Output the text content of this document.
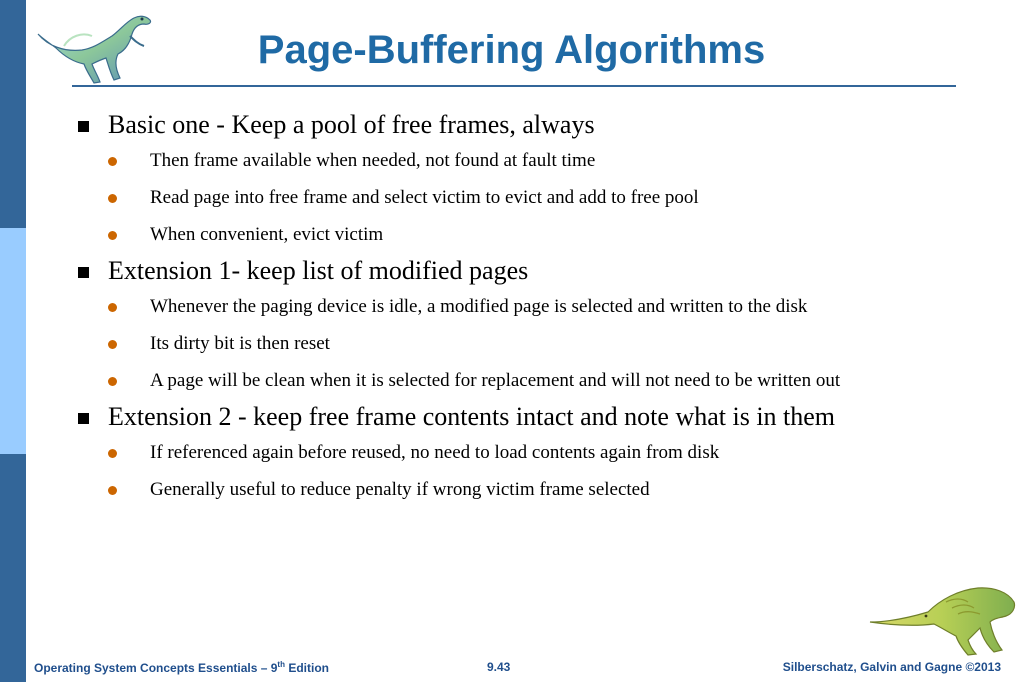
Page-Buffering Algorithms
Basic one - Keep a pool of free frames, always
Then frame available when needed, not found at fault time
Read page into free frame and select victim to evict and add to free pool
When convenient, evict victim
Extension 1- keep list of modified pages
Whenever the paging device is idle, a modified page is selected and written to the disk
Its dirty bit is then reset
A page will be clean when it is selected for replacement and will not need to be written out
Extension 2 - keep free frame contents intact and note what is in them
If referenced again before reused, no need to load contents again from disk
Generally useful to reduce penalty if wrong victim frame selected
Operating System Concepts Essentials – 9th Edition	9.43	Silberschatz, Galvin and Gagne ©2013
